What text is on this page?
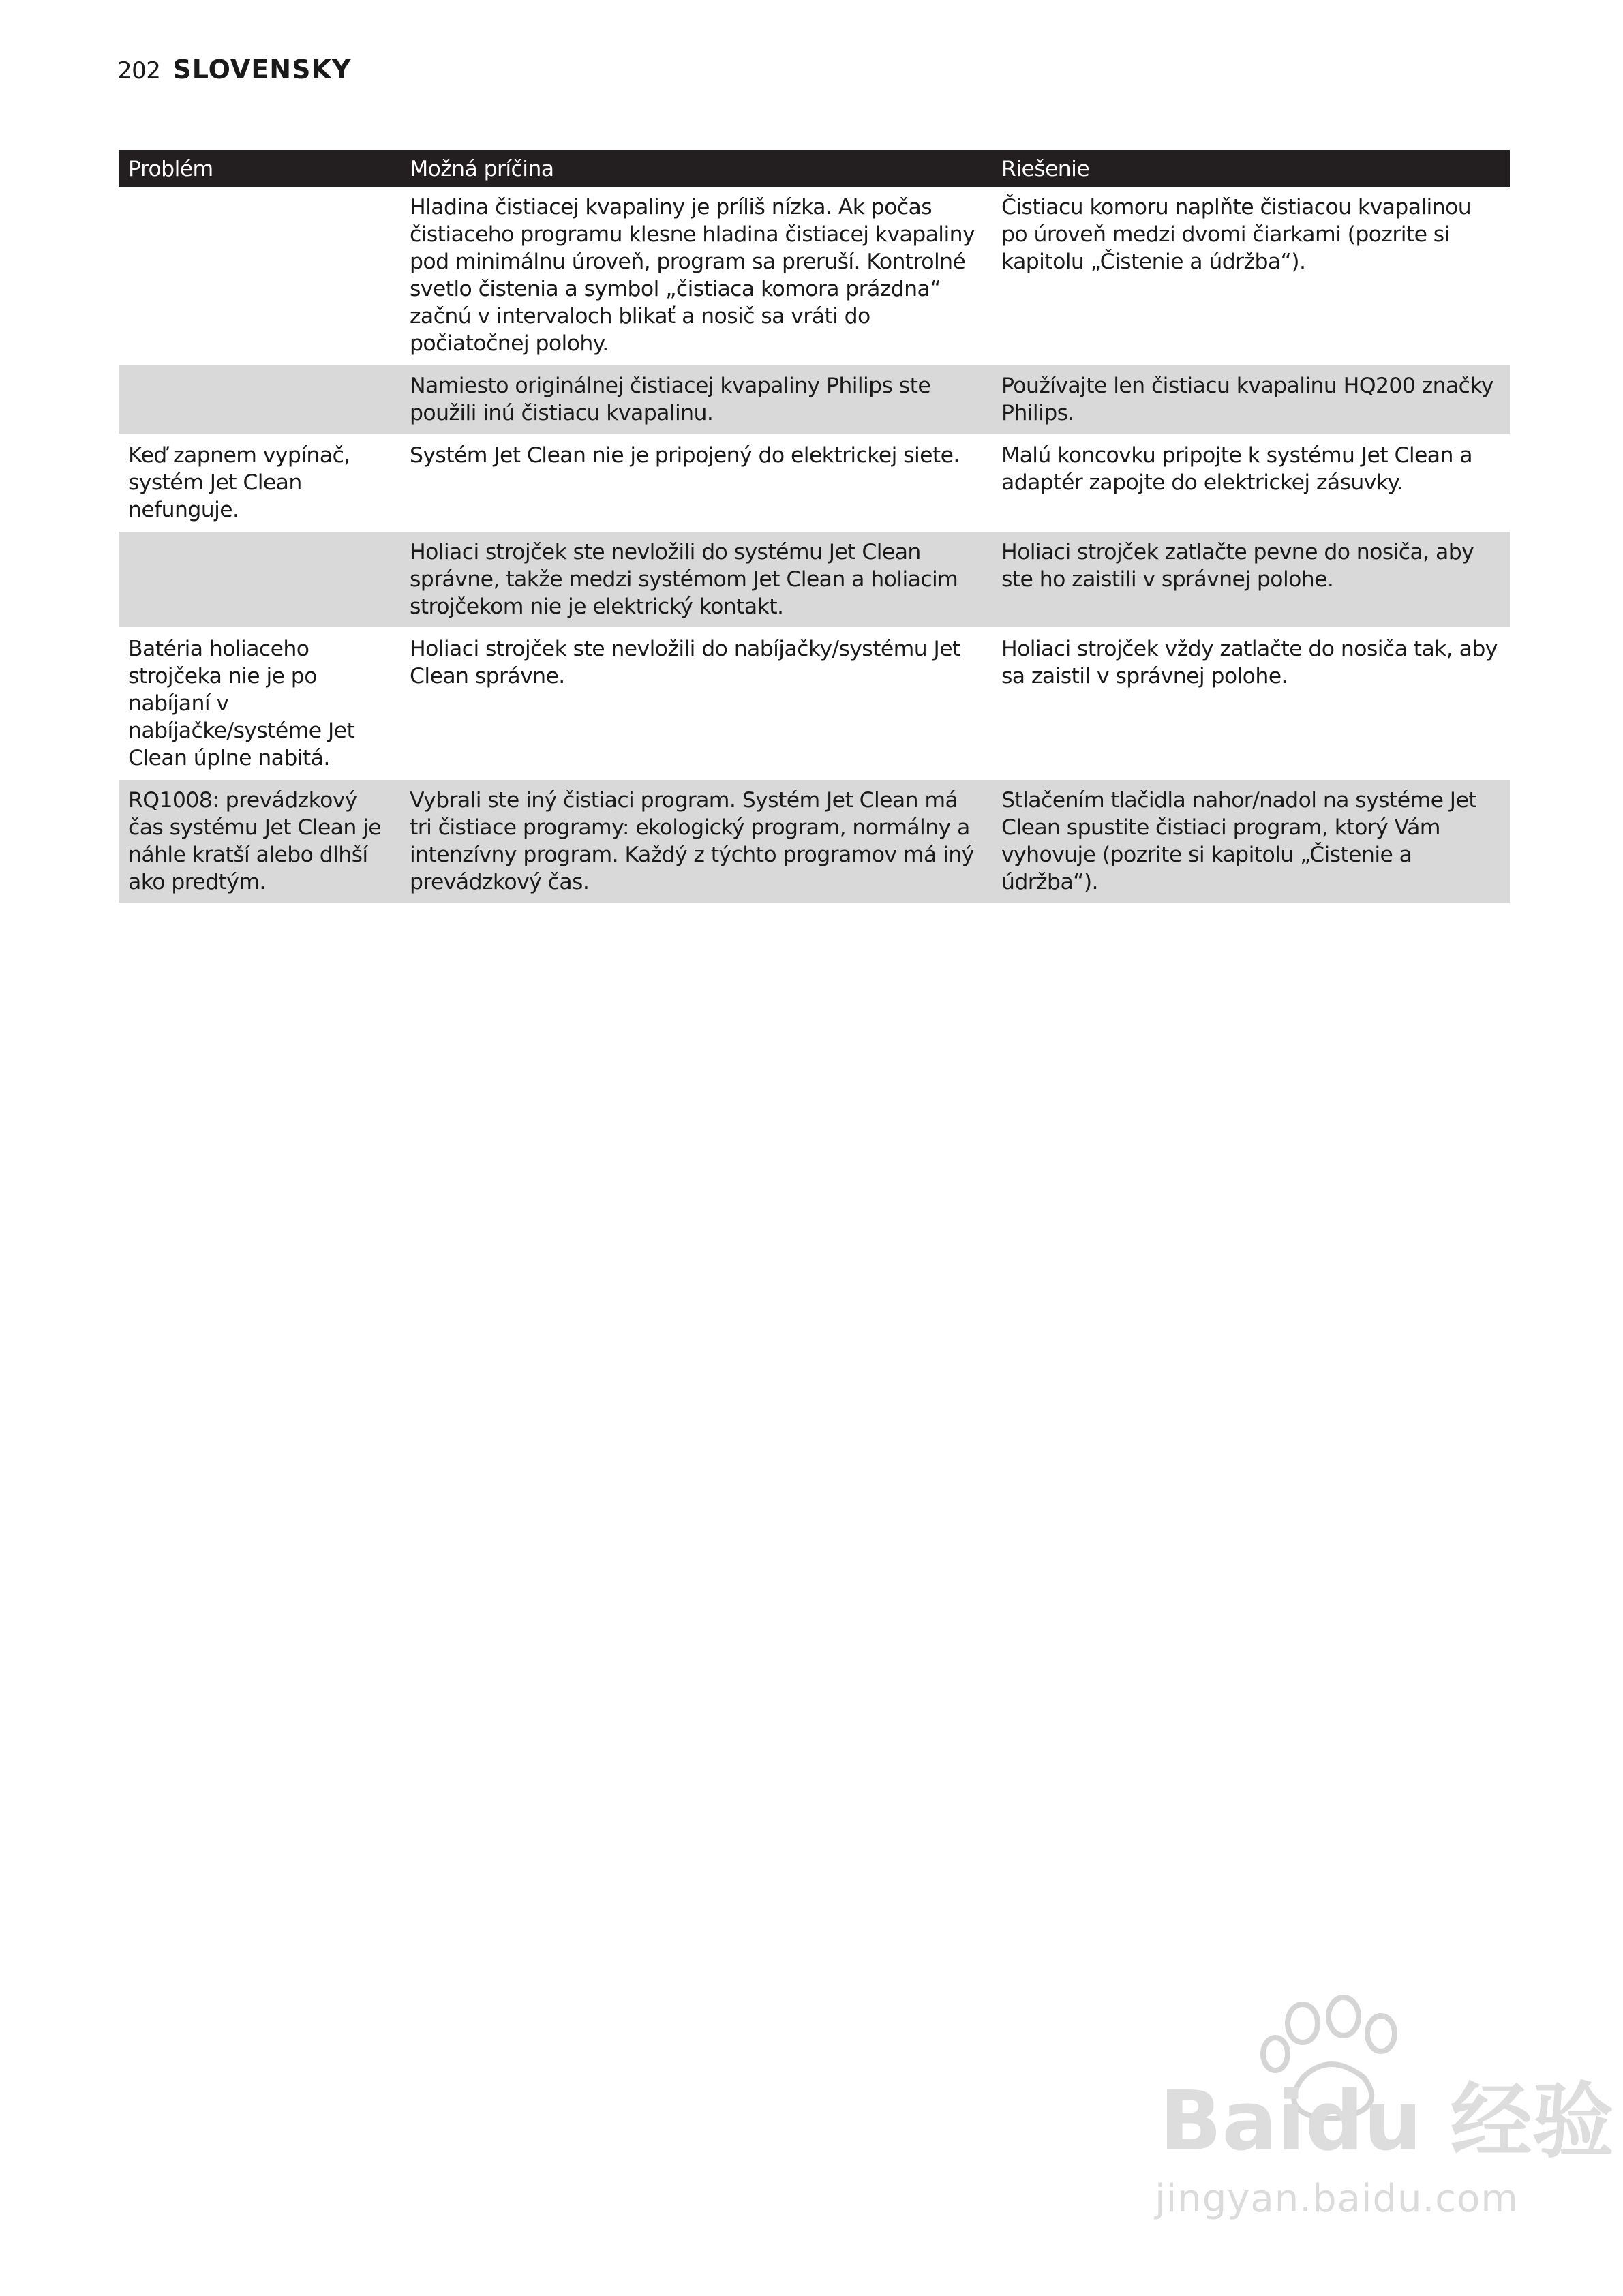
202 SLOVENSKY
Problém	Možná príčina	Riešenie
	Hladina čistiacej kvapaliny je príliš nízka. Ak počas čistiaceho programu klesne hladina čistiacej kvapaliny pod minimálnu úroveň, program sa preruší. Kontrolné svetlo čistenia a symbol „čistiaca komora prázdna“ začnú v intervaloch blikať a nosič sa vráti do počiatočnej polohy.	Čistiacu komoru naplňte čistiacou kvapalinou po úroveň medzi dvomi čiarkami (pozrite si kapitolu „Čistenie a údržba“).
	Namiesto originálnej čistiacej kvapaliny Philips ste použili inú čistiacu kvapalinu.	Používajte len čistiacu kvapalinu HQ200 značky Philips.
Keď zapnem vypínač, systém Jet Clean nefunguje.	Systém Jet Clean nie je pripojený do elektrickej siete.	Malú koncovku pripojte k systému Jet Clean a adaptér zapojte do elektrickej zásuvky.
	Holiaci strojček ste nevložili do systému Jet Clean správne, takže medzi systémom Jet Clean a holiacim strojčekom nie je elektrický kontakt.	Holiaci strojček zatlačte pevne do nosiča, aby ste ho zaistili v správnej polohe.
Batéria holiaceho strojčeka nie je po nabíjaní v nabíjačke/systéme Jet Clean úplne nabitá.	Holiaci strojček ste nevložili do nabíjačky/systému Jet Clean správne.	Holiaci strojček vždy zatlačte do nosiča tak, aby sa zaistil v správnej polohe.
RQ1008: prevádzkový čas systému Jet Clean je náhle kratší alebo dlhší ako predtým.	Vybrali ste iný čistiaci program. Systém Jet Clean má tri čistiace programy: ekologický program, normálny a intenzívny program. Každý z týchto programov má iný prevádzkový čas.	Stlačením tlačidla nahor/nadol na systéme Jet Clean spustite čistiaci program, ktorý Vám vyhovuje (pozrite si kapitolu „Čistenie a údržba“).
Baidu 经验
jingyan.baidu.com
